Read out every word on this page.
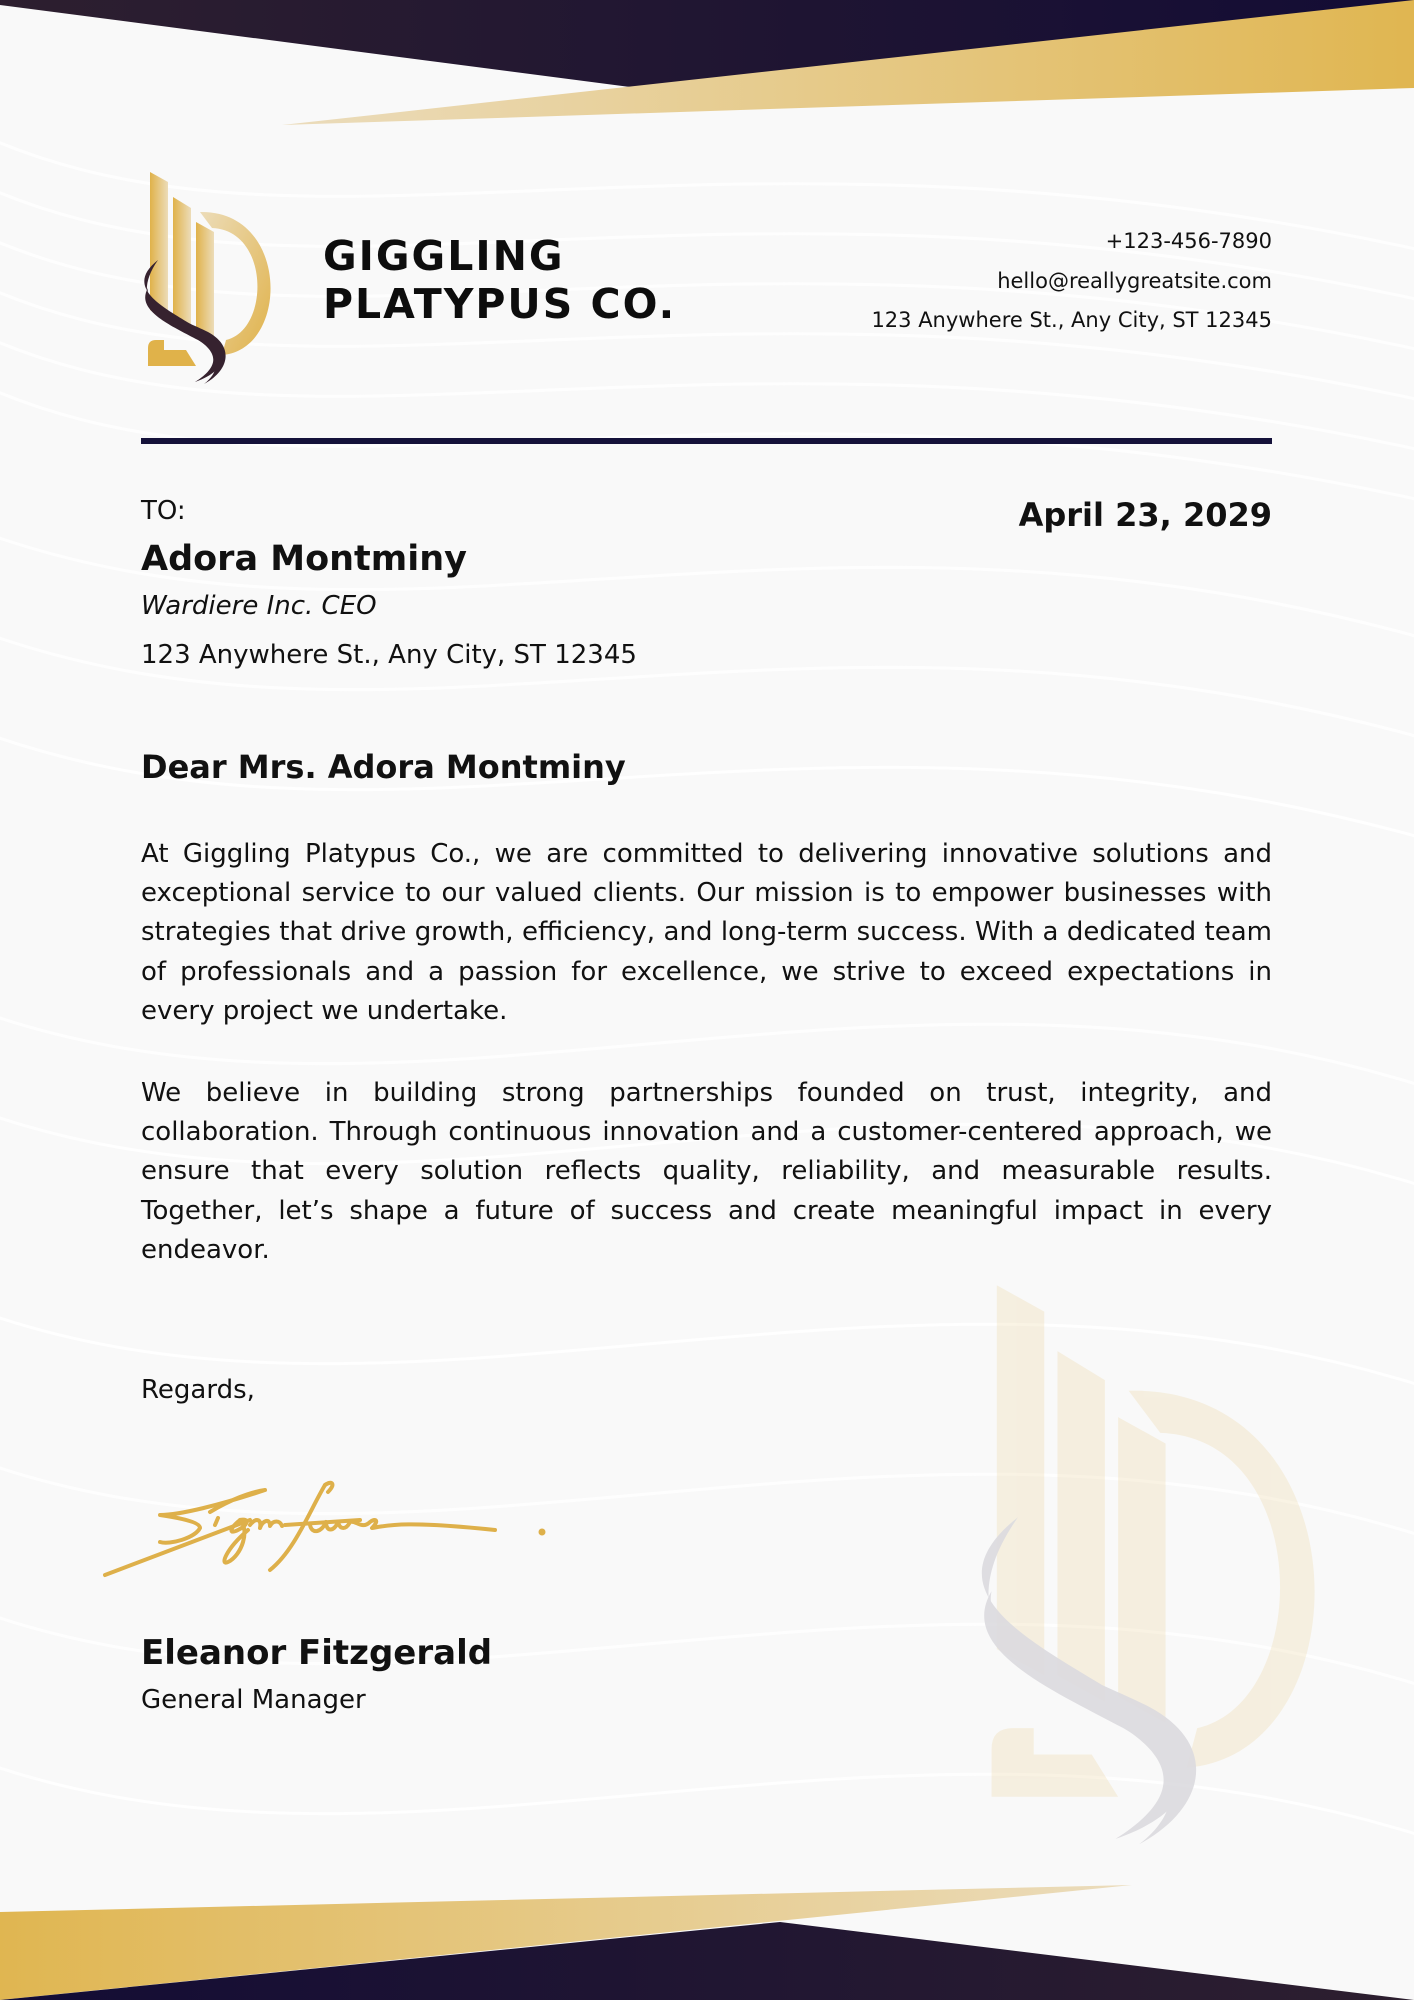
GIGGLING
PLATYPUS CO.
+123-456-7890
hello@reallygreatsite.com
123 Anywhere St., Any City, ST 12345
TO:	April 23, 2029
Adora Montminy
Wardiere Inc. CEO
123 Anywhere St., Any City, ST 12345
Dear Mrs. Adora Montminy

At Giggling Platypus Co., we are committed to delivering innovative solutions and exceptional service to our valued clients. Our mission is to empower businesses with strategies that drive growth, efficiency, and long-term success. With a dedicated team of professionals and a passion for excellence, we strive to exceed expectations in every project we undertake.

We believe in building strong partnerships founded on trust, integrity, and collaboration. Through continuous innovation and a customer-centered approach, we ensure that every solution reflects quality, reliability, and measurable results. Together, let’s shape a future of success and create meaningful impact in every endeavor.

Regards,
Eleanor Fitzgerald
General Manager
